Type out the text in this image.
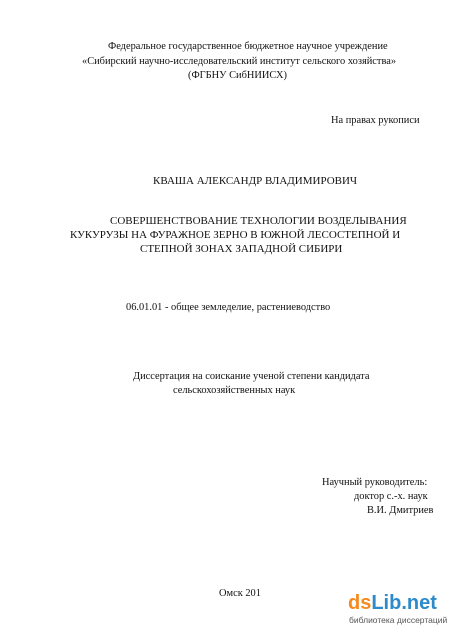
Федеральное государственное бюджетное научное учреждение
«Сибирский научно-исследовательский институт сельского хозяйства»
(ФГБНУ СибНИИСХ)
На правах рукописи
КВАША АЛЕКСАНДР ВЛАДИМИРОВИЧ
СОВЕРШЕНСТВОВАНИЕ ТЕХНОЛОГИИ ВОЗДЕЛЫВАНИЯ
КУКУРУЗЫ НА ФУРАЖНОЕ ЗЕРНО В ЮЖНОЙ ЛЕСОСТЕПНОЙ И
СТЕПНОЙ ЗОНАХ ЗАПАДНОЙ СИБИРИ
06.01.01 - общее земледелие, растениеводство
Диссертация на соискание ученой степени кандидата
сельскохозяйственных наук
Научный руководитель:
доктор с.-х. наук
В.И. Дмитриев
Омск 201	dsLib.net
библиотека диссертаций
